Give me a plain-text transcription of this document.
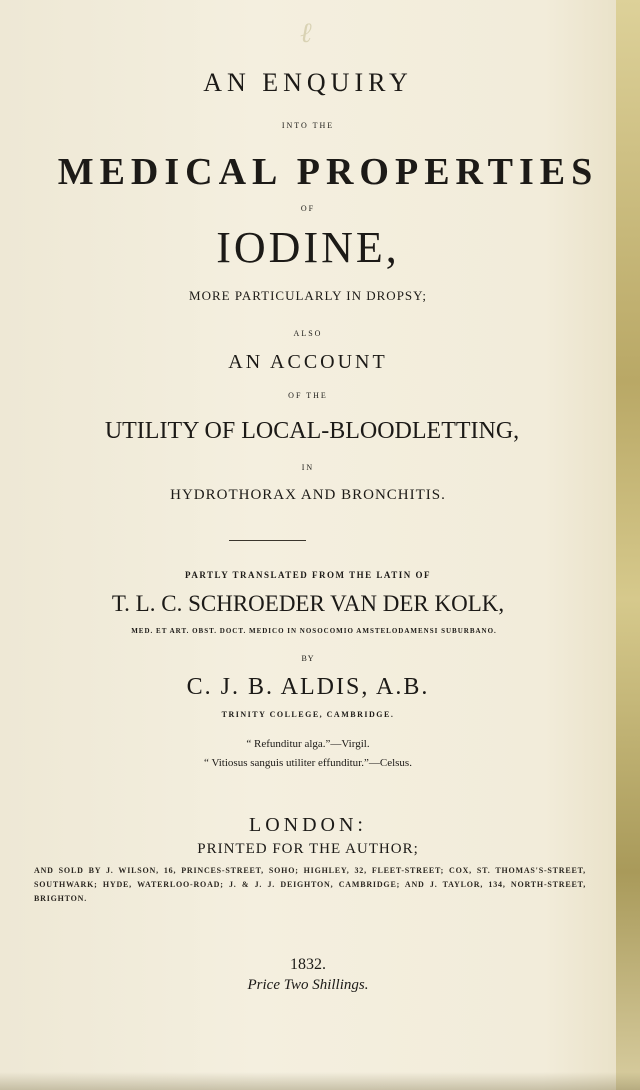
ℓ
AN ENQUIRY
INTO THE
MEDICAL PROPERTIES
OF
IODINE,
MORE PARTICULARLY IN DROPSY;
ALSO
AN ACCOUNT
OF THE
UTILITY OF LOCAL-BLOODLETTING,
IN
HYDROTHORAX AND BRONCHITIS.
PARTLY TRANSLATED FROM THE LATIN OF
T. L. C. SCHROEDER VAN DER KOLK,
MED. ET ART. OBST. DOCT. MEDICO IN NOSOCOMIO AMSTELODAMENSI SUBURBANO.
BY
C. J. B. ALDIS, A.B.
TRINITY COLLEGE, CAMBRIDGE.
“ Refunditur alga.”—Virgil.
“ Vitiosus sanguis utiliter effunditur.”—Celsus.
LONDON:
PRINTED FOR THE AUTHOR;
AND SOLD BY J. WILSON, 16, PRINCES-STREET, SOHO; HIGHLEY, 32, FLEET-STREET; COX, ST. THOMAS'S-STREET, SOUTHWARK; HYDE, WATERLOO-ROAD; J. & J. J. DEIGHTON, CAMBRIDGE; AND J. TAYLOR, 134, NORTH-STREET, BRIGHTON.
1832.
Price Two Shillings.
